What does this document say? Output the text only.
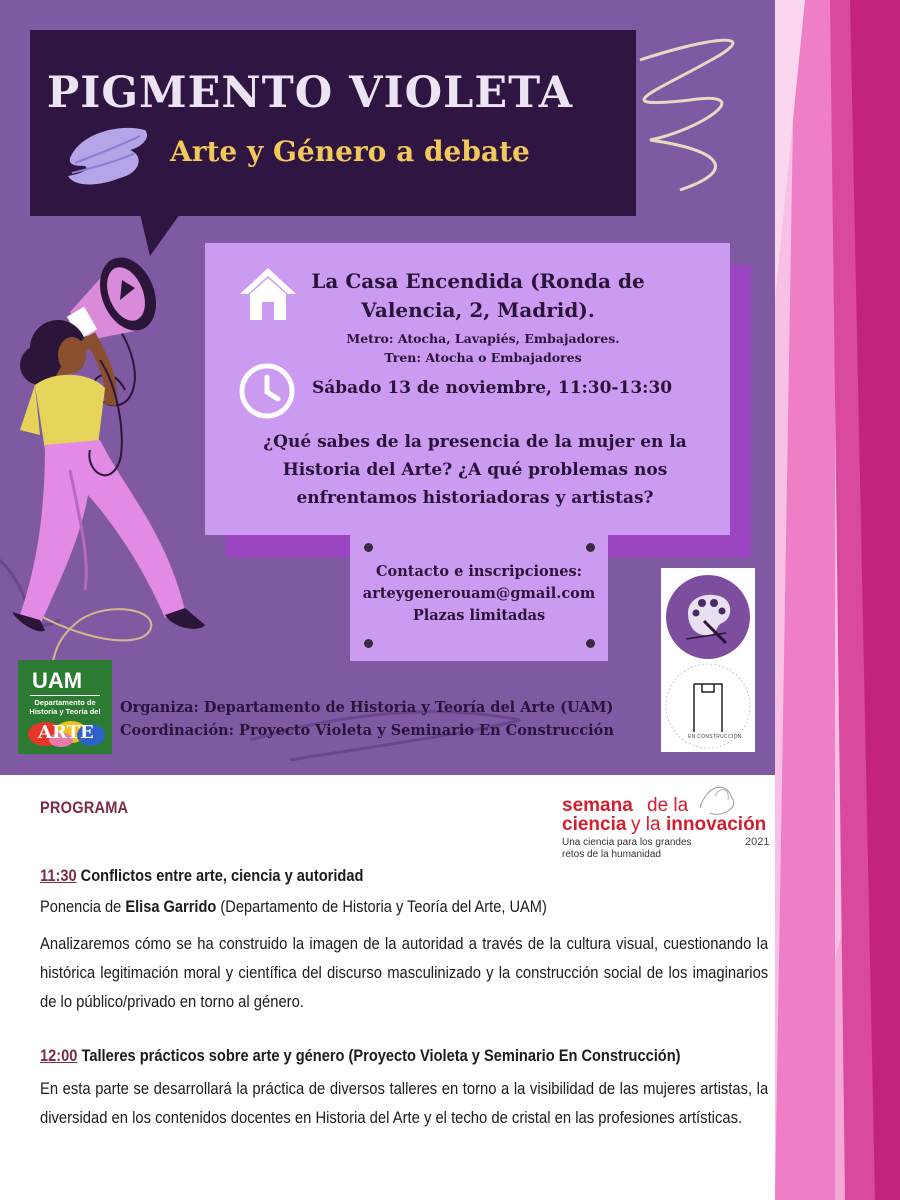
PIGMENTO VIOLETA
Arte y Género a debate
La Casa Encendida (Ronda de Valencia, 2, Madrid).
Metro: Atocha, Lavapiés, Embajadores.
Tren: Atocha o Embajadores
Sábado 13 de noviembre, 11:30-13:30
¿Qué sabes de la presencia de la mujer en la Historia del Arte? ¿A qué problemas nos enfrentamos historiadoras y artistas?
Contacto e inscripciones:
arteygenerouam@gmail.com
Plazas limitadas
UAM
Departamento de Historia y Teoría del
ARTE
Organiza: Departamento de Historia y Teoría del Arte (UAM)
Coordinación: Proyecto Violeta y Seminario En Construcción	EN CONSTRUCCIÓN
PROGRAMA	semana de la
ciencia y la innovación
Una ciencia para los grandes
retos de la humanidad
2021
11:30 Conflictos entre arte, ciencia y autoridad
Ponencia de Elisa Garrido (Departamento de Historia y Teoría del Arte, UAM)
Analizaremos cómo se ha construido la imagen de la autoridad a través de la cultura visual, cuestionando la histórica legitimación moral y científica del discurso masculinizado y la construcción social de los imaginarios de lo público/privado en torno al género.
12:00 Talleres prácticos sobre arte y género (Proyecto Violeta y Seminario En Construcción)
En esta parte se desarrollará la práctica de diversos talleres en torno a la visibilidad de las mujeres artistas, la diversidad en los contenidos docentes en Historia del Arte y el techo de cristal en las profesiones artísticas.
